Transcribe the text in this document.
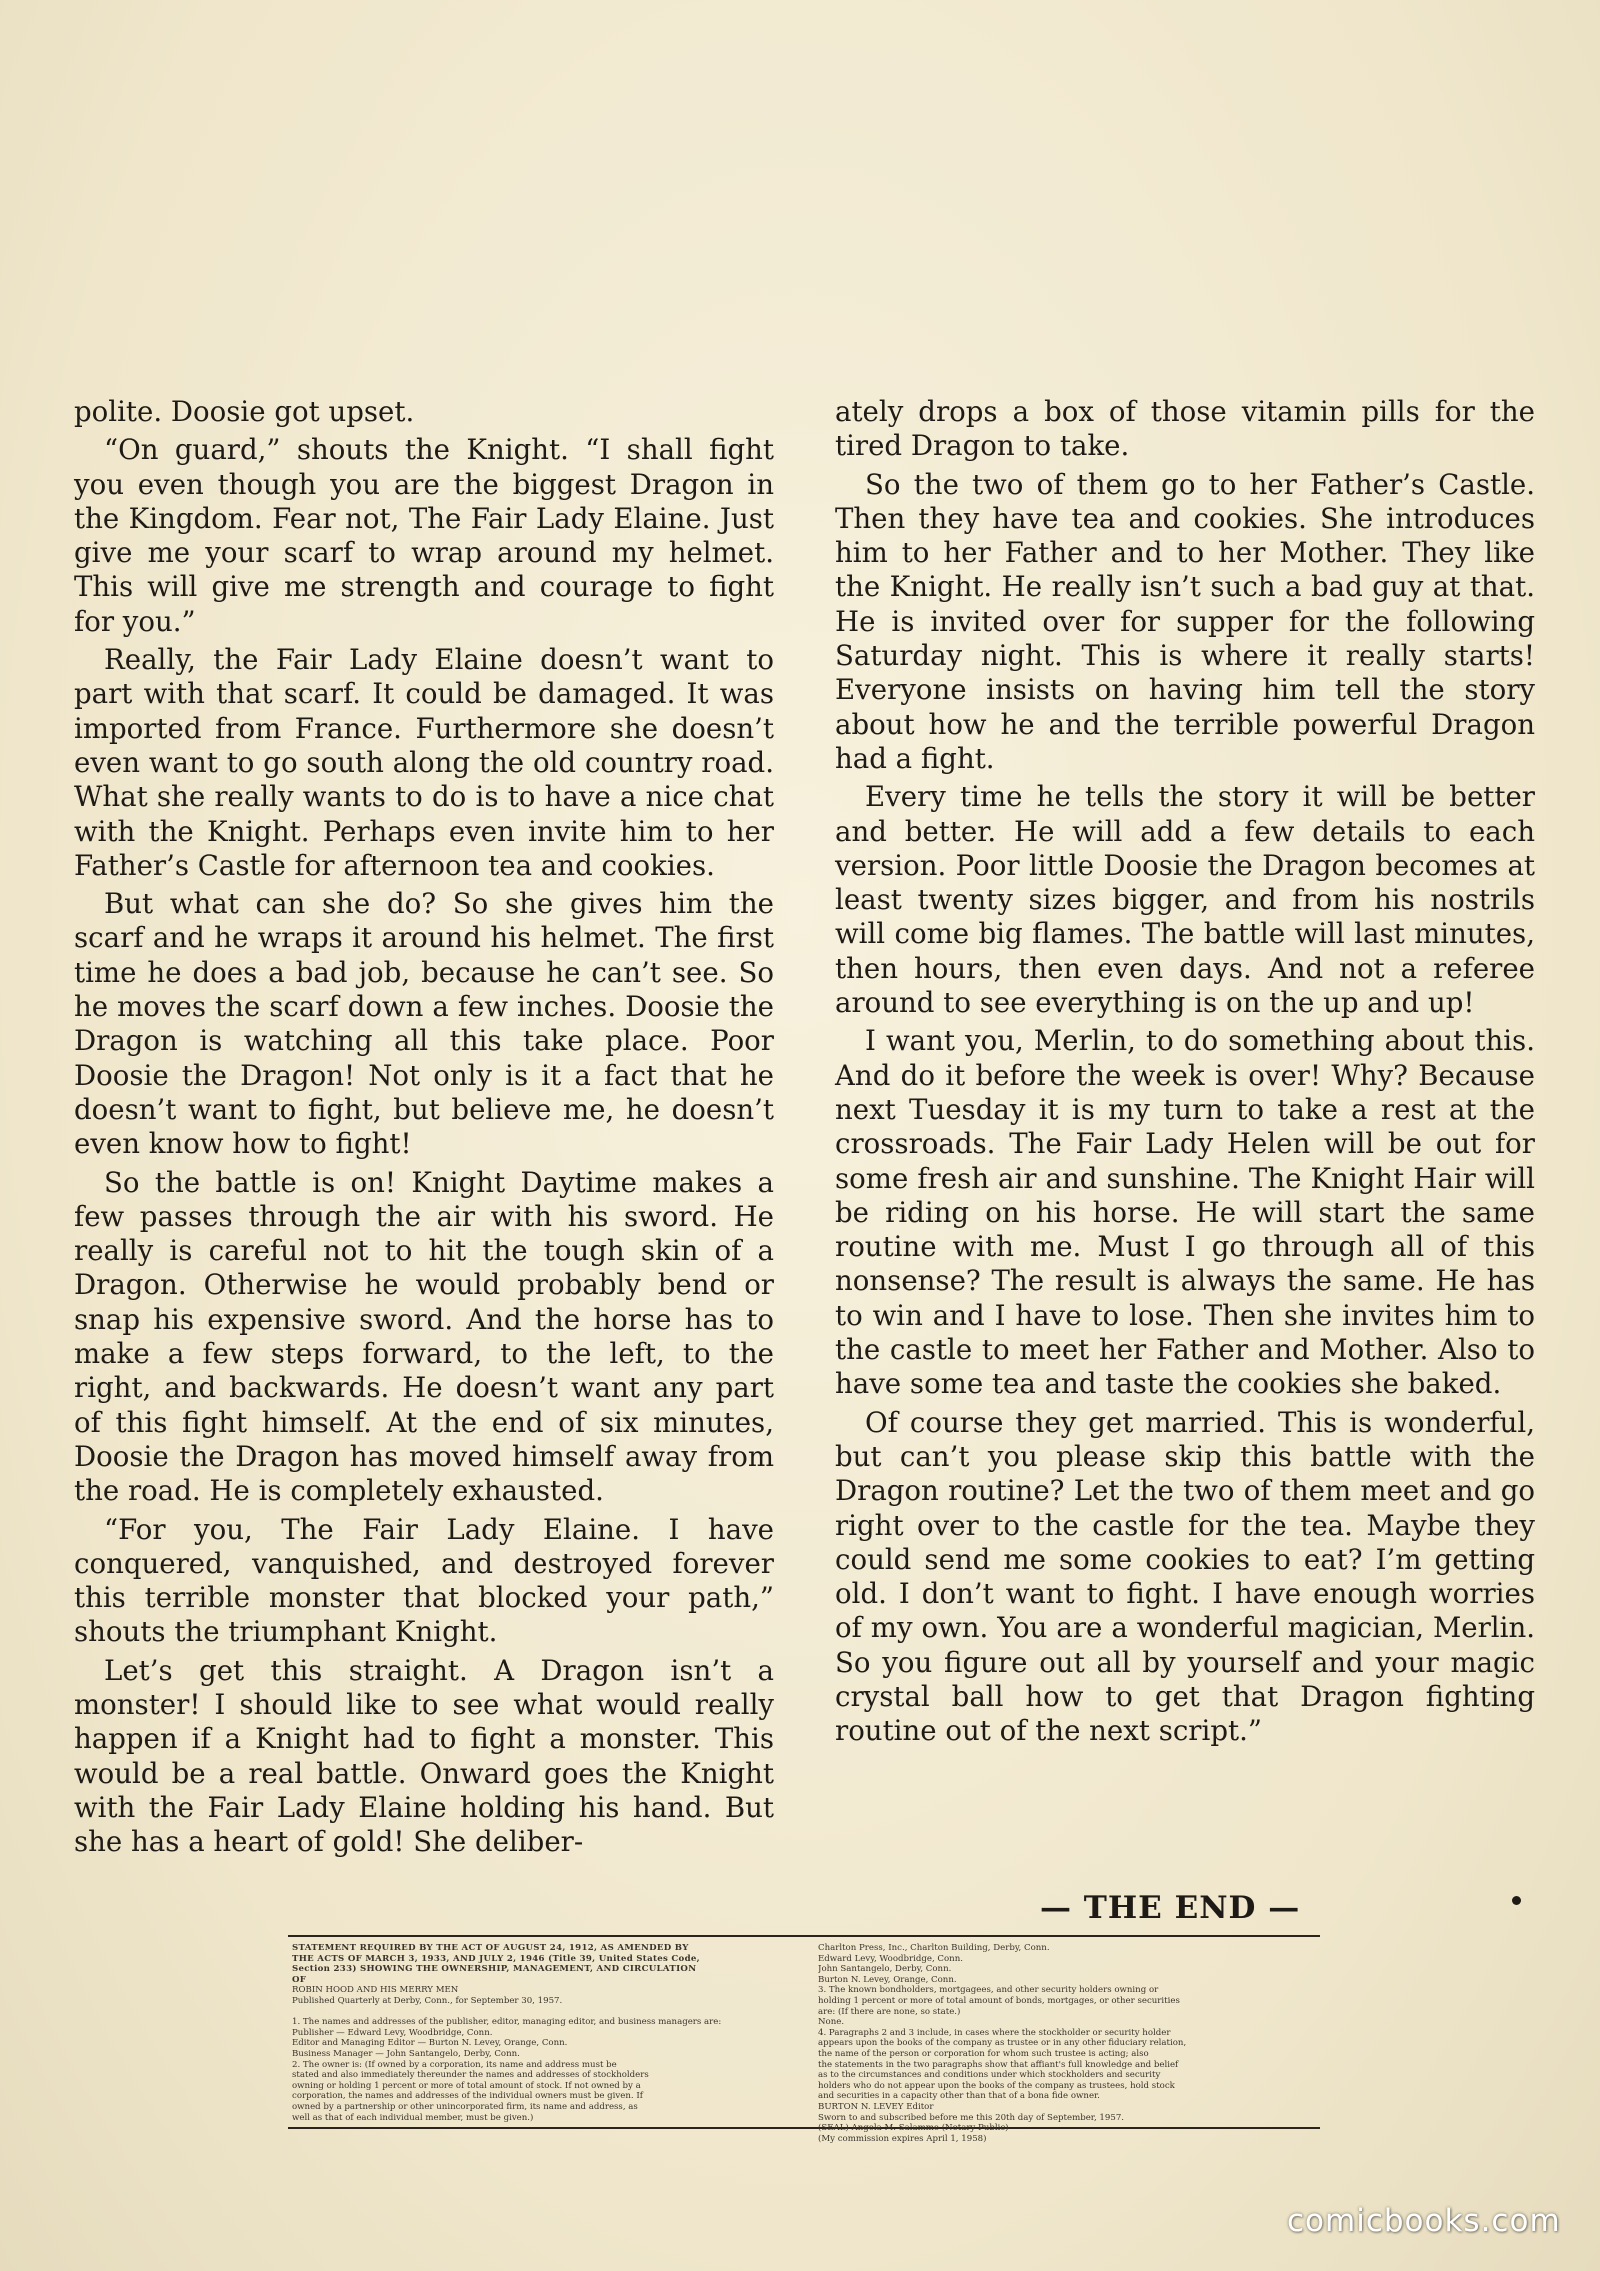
polite. Doosie got upset.

“On guard,” shouts the Knight. “I shall fight you even though you are the biggest Dragon in the Kingdom. Fear not, The Fair Lady Elaine. Just give me your scarf to wrap around my helmet. This will give me strength and courage to fight for you.”

Really, the Fair Lady Elaine doesn’t want to part with that scarf. It could be damaged. It was imported from France. Furthermore she doesn’t even want to go south along the old country road. What she really wants to do is to have a nice chat with the Knight. Perhaps even invite him to her Father’s Castle for afternoon tea and cookies.

But what can she do? So she gives him the scarf and he wraps it around his helmet. The first time he does a bad job, because he can’t see. So he moves the scarf down a few inches. Doosie the Dragon is watching all this take place. Poor Doosie the Dragon! Not only is it a fact that he doesn’t want to fight, but believe me, he doesn’t even know how to fight!

So the battle is on! Knight Daytime makes a few passes through the air with his sword. He really is careful not to hit the tough skin of a Dragon. Otherwise he would probably bend or snap his expensive sword. And the horse has to make a few steps forward, to the left, to the right, and backwards. He doesn’t want any part of this fight himself. At the end of six minutes, Doosie the Dragon has moved himself away from the road. He is completely exhausted.

“For you, The Fair Lady Elaine. I have conquered, vanquished, and destroyed forever this terrible monster that blocked your path,” shouts the triumphant Knight.

Let’s get this straight. A Dragon isn’t a monster! I should like to see what would really happen if a Knight had to fight a monster. This would be a real battle. Onward goes the Knight with the Fair Lady Elaine holding his hand. But she has a heart of gold! She deliber-

ately drops a box of those vitamin pills for the tired Dragon to take.

So the two of them go to her Father’s Castle. Then they have tea and cookies. She introduces him to her Father and to her Mother. They like the Knight. He really isn’t such a bad guy at that. He is invited over for supper for the following Saturday night. This is where it really starts! Everyone insists on having him tell the story about how he and the terrible powerful Dragon had a fight.

Every time he tells the story it will be better and better. He will add a few details to each version. Poor little Doosie the Dragon becomes at least twenty sizes bigger, and from his nostrils will come big flames. The battle will last minutes, then hours, then even days. And not a referee around to see everything is on the up and up!

I want you, Merlin, to do something about this. And do it before the week is over! Why? Because next Tuesday it is my turn to take a rest at the crossroads. The Fair Lady Helen will be out for some fresh air and sunshine. The Knight Hair will be riding on his horse. He will start the same routine with me. Must I go through all of this nonsense? The result is always the same. He has to win and I have to lose. Then she invites him to the castle to meet her Father and Mother. Also to have some tea and taste the cookies she baked.

Of course they get married. This is wonderful, but can’t you please skip this battle with the Dragon routine? Let the two of them meet and go right over to the castle for the tea. Maybe they could send me some cookies to eat? I’m getting old. I don’t want to fight. I have enough worries of my own. You are a wonderful magician, Merlin. So you figure out all by yourself and your magic crystal ball how to get that Dragon fighting routine out of the next script.”

— THE END —
STATEMENT REQUIRED BY THE ACT OF AUGUST 24, 1912, AS AMENDED BY
THE ACTS OF MARCH 3, 1933, AND JULY 2, 1946 (Title 39, United States Code,
Section 233) SHOWING THE OWNERSHIP, MANAGEMENT, AND CIRCULATION
OF
ROBIN HOOD AND HIS MERRY MEN
Published Quarterly at Derby, Conn., for September 30, 1957.

1. The names and addresses of the publisher, editor, managing editor, and business managers are:
Publisher — Edward Levy, Woodbridge, Conn.
Editor and Managing Editor — Burton N. Levey, Orange, Conn.
Business Manager — John Santangelo, Derby, Conn.
2. The owner is: (If owned by a corporation, its name and address must be
stated and also immediately thereunder the names and addresses of stockholders
owning or holding 1 percent or more of total amount of stock. If not owned by a
corporation, the names and addresses of the individual owners must be given. If
owned by a partnership or other unincorporated firm, its name and address, as
well as that of each individual member, must be given.)
Charlton Press, Inc., Charlton Building, Derby, Conn.
Edward Levy, Woodbridge, Conn.
John Santangelo, Derby, Conn.
Burton N. Levey, Orange, Conn.
3. The known bondholders, mortgagees, and other security holders owning or
holding 1 percent or more of total amount of bonds, mortgages, or other securities
are: (If there are none, so state.)
None.
4. Paragraphs 2 and 3 include, in cases where the stockholder or security holder
appears upon the books of the company as trustee or in any other fiduciary relation,
the name of the person or corporation for whom such trustee is acting; also
the statements in the two paragraphs show that affiant's full knowledge and belief
as to the circumstances and conditions under which stockholders and security
holders who do not appear upon the books of the company as trustees, hold stock
and securities in a capacity other than that of a bona fide owner.
BURTON N. LEVEY Editor
Sworn to and subscribed before me this 20th day of September, 1957.
(SEAL) Angela M. Salamme (Notary Public)
(My commission expires April 1, 1958)
comicbooks.com
